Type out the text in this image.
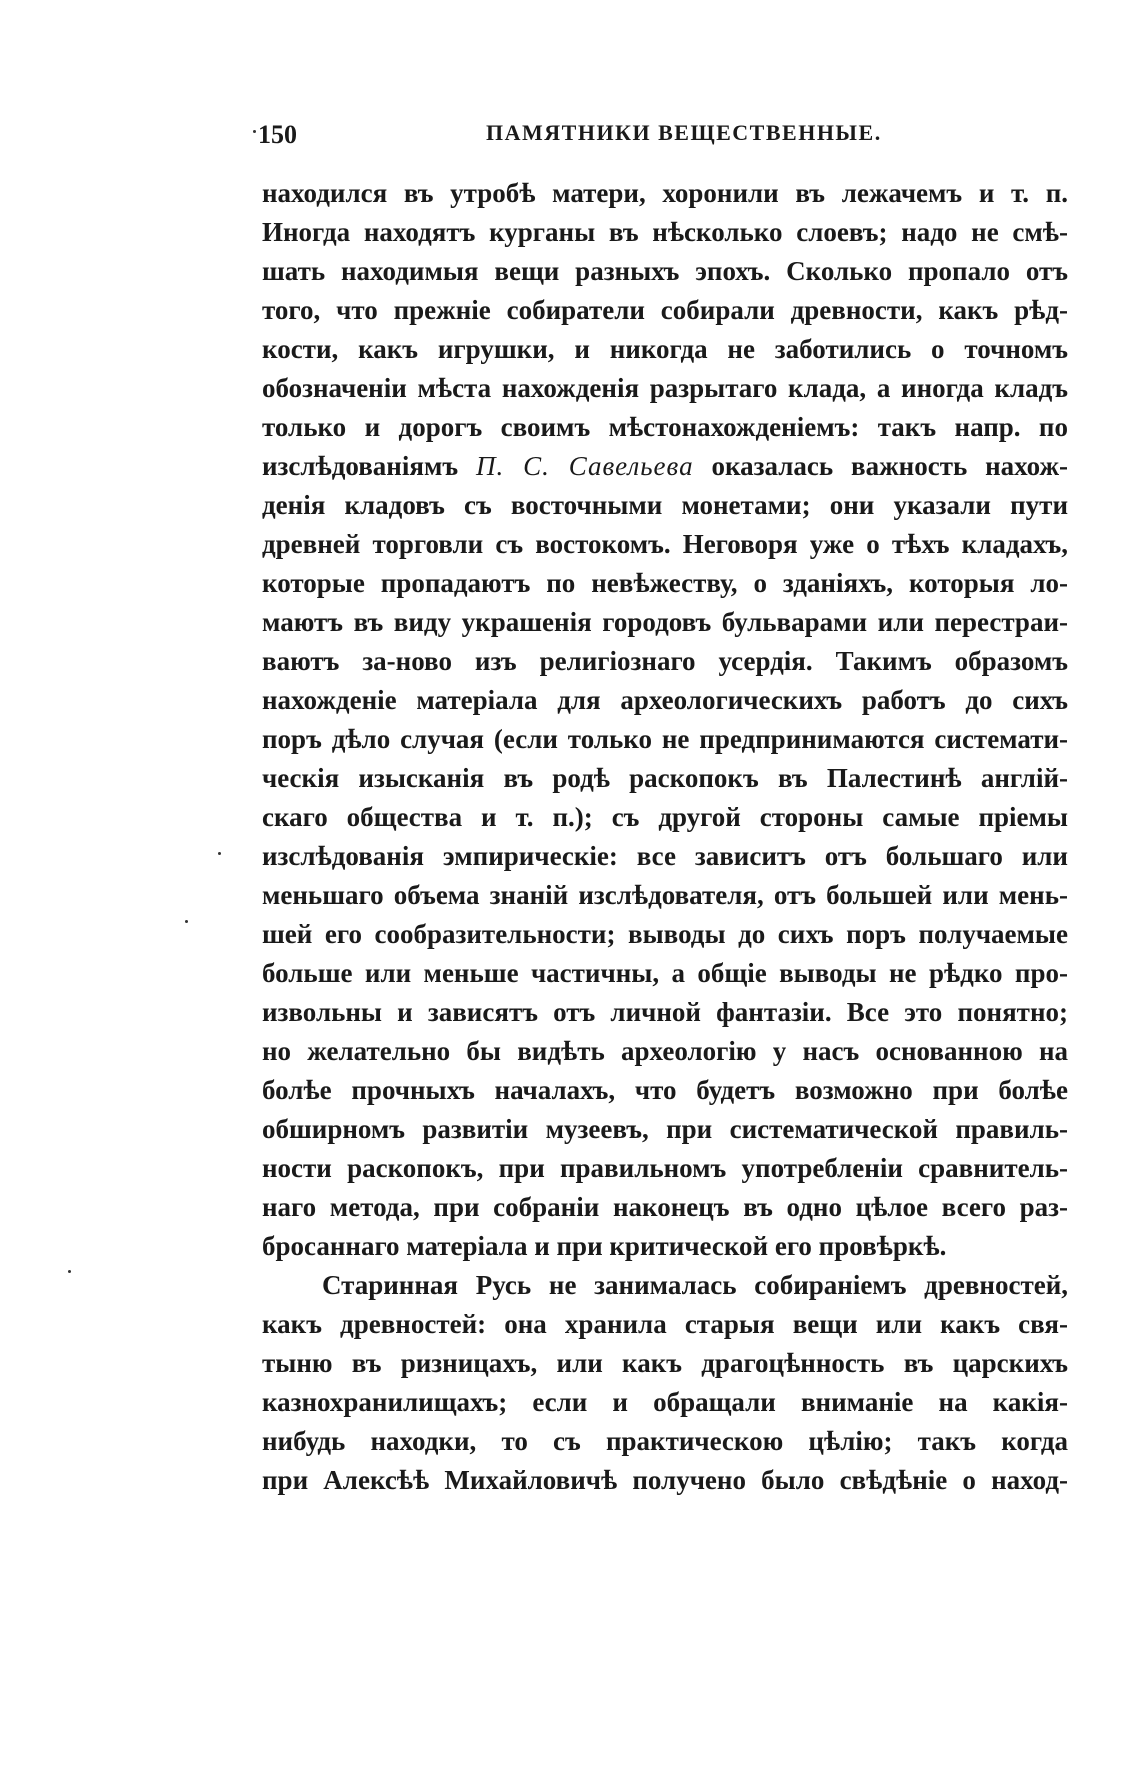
150	ПАМЯТНИКИ ВЕЩЕСТВЕННЫЕ.
находился въ утробѣ матери, хоронили въ лежачемъ и т. п.
Иногда находятъ курганы въ нѣсколько слоевъ; надо не смѣ-
шать находимыя вещи разныхъ эпохъ. Сколько пропало отъ
того, что прежніе собиратели собирали древности, какъ рѣд-
кости, какъ игрушки, и никогда не заботились о точномъ
обозначеніи мѣста нахожденія разрытаго клада, а иногда кладъ
только и дорогъ своимъ мѣстонахожденіемъ: такъ напр. по
изслѣдованіямъ П. С. Савельева оказалась важность нахож-
денія кладовъ съ восточными монетами; они указали пути
древней торговли съ востокомъ. Неговоря уже о тѣхъ кладахъ,
которые пропадаютъ по невѣжеству, о зданіяхъ, которыя ло-
маютъ въ виду украшенія городовъ бульварами или перестраи-
ваютъ за-ново изъ религіознаго усердія. Такимъ образомъ
нахожденіе матеріала для археологическихъ работъ до сихъ
поръ дѣло случая (если только не предпринимаются системати-
ческія изысканія въ родѣ раскопокъ въ Палестинѣ англій-
скаго общества и т. п.); съ другой стороны самые пріемы
изслѣдованія эмпирическіе: все зависитъ отъ большаго или
меньшаго объема знаній изслѣдователя, отъ большей или мень-
шей его сообразительности; выводы до сихъ поръ получаемые
больше или меньше частичны, а общіе выводы не рѣдко про-
извольны и зависятъ отъ личной фантазіи. Все это понятно;
но желательно бы видѣть археологію у насъ основанною на
болѣе прочныхъ началахъ, что будетъ возможно при болѣе
обширномъ развитіи музеевъ, при систематической правиль-
ности раскопокъ, при правильномъ употребленіи сравнитель-
наго метода, при собраніи наконецъ въ одно цѣлое всего раз-
бросаннаго матеріала и при критической его провѣркѣ.
Старинная Русь не занималась собираніемъ древностей,
какъ древностей: она хранила старыя вещи или какъ свя-
тыню въ ризницахъ, или какъ драгоцѣнность въ царскихъ
казнохранилищахъ; если и обращали вниманіе на какія-
нибудь находки, то съ практическою цѣлію; такъ когда
при Алексѣѣ Михайловичѣ получено было свѣдѣніе о наход-
